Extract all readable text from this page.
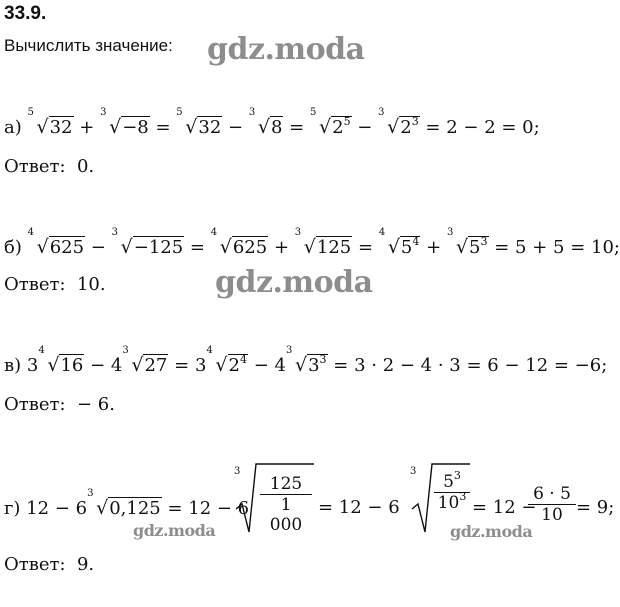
33.9.
Вычислить значение: gdz.moda
gdz.moda
gdz.moda	gdz.moda
а)
5
√32 +
3
√−8 =
5
√32 −
3
√8 =
5
$√2^5$ −
3
$√2^3 = 2 - 2 = 0$;
Ответ: 0.
б)
4
√625 −
3
√−125 =
4
√625 +
3
√125 =
4
$√5^4$ +
3
$√5^3 = 5 + 5 = 10$;
Ответ: 10.
в) 3
4
√16 − 4
3
√27 = 3
4
$√2^4 - 4$
3
$√3^3 = 3 \cdot 2 - 4 \cdot 3 = 6 - 12 = -6$;
Ответ: − 6.
г) 12 − 6
3
√0,125 = 12 − 6
3
$\frac{125}{1 000} = 12 - 6$
3
$\frac{5^3}{10^3} = 12$ −
$\frac{6 \cdot 5}{10} = 9$;
Ответ: 9.
